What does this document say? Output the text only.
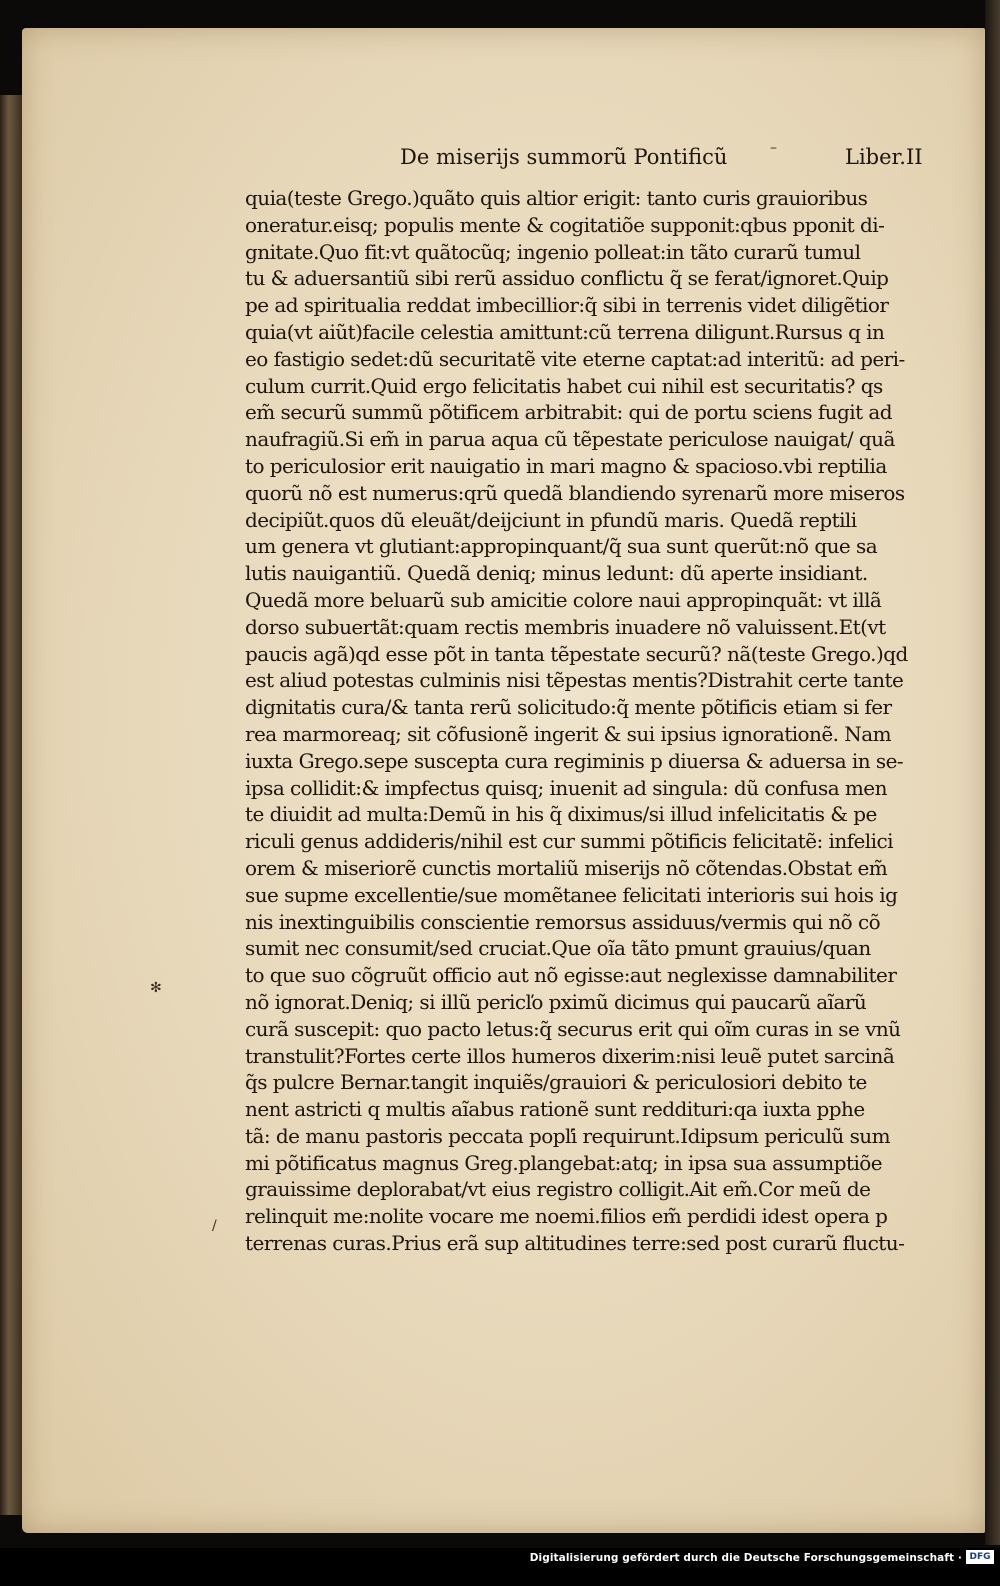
De miserijs summorũ Pontificũ	Liber.II
quia(teste Grego.)quãto quis altior erigit: tanto curis grauioribus
oneratur.eisq; populis mente & cogitatiõe supponit:qbus pponit di-
gnitate.Quo fit:vt quãtocũq; ingenio polleat:in tãto curarũ tumul
tu & aduersantiũ sibi rerũ assiduo conflictu q̃ se ferat/ignoret.Quip
pe ad spiritualia reddat imbecillior:q̃ sibi in terrenis videt diligẽtior
quia(vt aiũt)facile celestia amittunt:cũ terrena diligunt.Rursus q in
eo fastigio sedet:dũ securitatẽ vite eterne captat:ad interitũ: ad peri-
culum currit.Quid ergo felicitatis habet cui nihil est securitatis? qs
em̃ securũ summũ põtificem arbitrabit: qui de portu sciens fugit ad
naufragiũ.Si em̃ in parua aqua cũ tẽpestate periculose nauigat/ quã
to periculosior erit nauigatio in mari magno & spacioso.vbi reptilia
quorũ nõ est numerus:qrũ quedã blandiendo syrenarũ more miseros
decipiũt.quos dũ eleuãt/deijciunt in pfundũ maris. Quedã reptili
um genera vt glutiant:appropinquant/q̃ sua sunt querũt:nõ que sa
lutis nauigantiũ. Quedã deniq; minus ledunt: dũ aperte insidiant.
Quedã more beluarũ sub amicitie colore naui appropinquãt: vt illã
dorso subuertãt:quam rectis membris inuadere nõ valuissent.Et(vt
paucis agã)qd esse põt in tanta tẽpestate securũ? nã(teste Grego.)qd
est aliud potestas culminis nisi tẽpestas mentis?Distrahit certe tante
dignitatis cura/& tanta rerũ solicitudo:q̃ mente põtificis etiam si fer
rea marmoreaq; sit cõfusionẽ ingerit & sui ipsius ignorationẽ. Nam
iuxta Grego.sepe suscepta cura regiminis p diuersa & aduersa in se-
ipsa collidit:& impfectus quisq; inuenit ad singula: dũ confusa men
te diuidit ad multa:Demũ in his q̃ diximus/si illud infelicitatis & pe
riculi genus addideris/nihil est cur summi põtificis felicitatẽ: infelici
orem & miseriorẽ cunctis mortaliũ miserijs nõ cõtendas.Obstat em̃
sue supme excellentie/sue momẽtanee felicitati interioris sui hois ig
nis inextinguibilis conscientie remorsus assiduus/vermis qui nõ cõ
sumit nec consumit/sed cruciat.Que oĩa tãto pmunt grauius/quan
to que suo cõgruũt officio aut nõ egisse:aut neglexisse damnabiliter
nõ ignorat.Deniq; si illũ pericľo pximũ dicimus qui paucarũ aĩarũ
curã suscepit: quo pacto letus:q̃ securus erit qui oĩm curas in se vnũ
transtulit?Fortes certe illos humeros dixerim:nisi leuẽ putet sarcinã
q̃s pulcre Bernar.tangit inquiẽs/grauiori & periculosiori debito te
nent astricti q multis aĩabus rationẽ sunt reddituri:qa iuxta pphe
tã: de manu pastoris peccata popľi requirunt.Idipsum periculũ sum
mi põtificatus magnus Greg.plangebat:atq; in ipsa sua assumptiõe
grauissime deplorabat/vt eius registro colligit.Ait em̃.Cor meũ de
relinquit me:nolite vocare me noemi.filios em̃ perdidi idest opera p
terrenas curas.Prius erã sup altitudines terre:sed post curarũ fluctu-
✻
/
–
Digitalisierung gefördert durch die Deutsche Forschungsgemeinschaft · DFG
